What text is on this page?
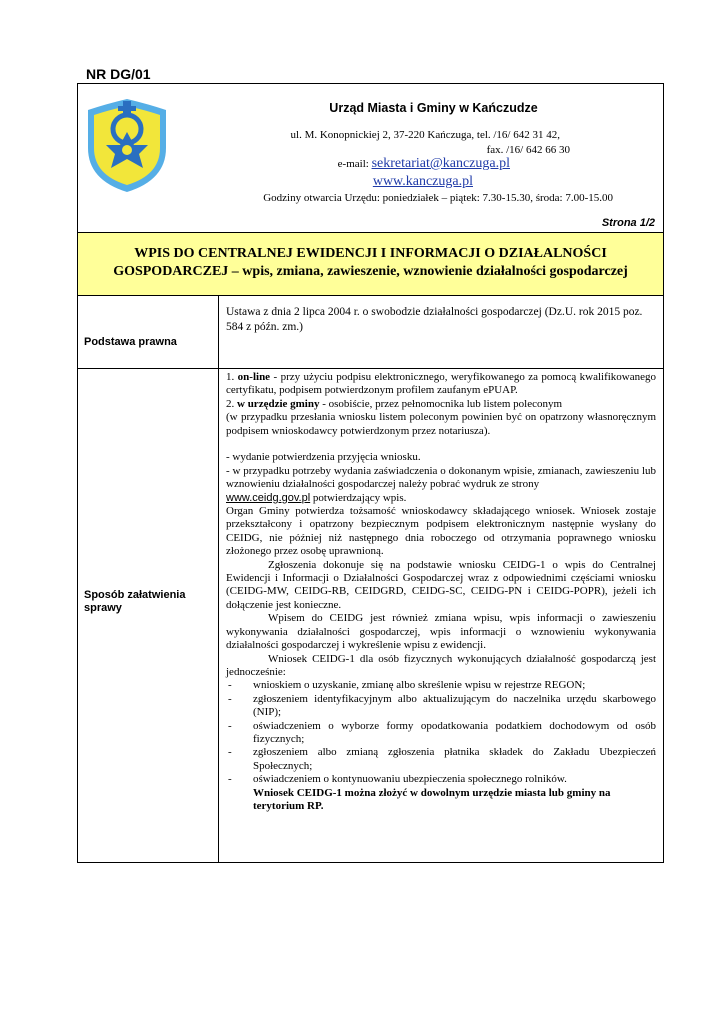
NR DG/01
Urząd Miasta i Gminy w Kańczudze
ul. M. Konopnickiej 2, 37-220 Kańczuga, tel. /16/ 642 31 42,
fax. /16/ 642 66 30
e-mail: sekretariat@kanczuga.pl
www.kanczuga.pl
Godziny otwarcia Urzędu: poniedziałek – piątek: 7.30-15.30, środa: 7.00-15.00
Strona 1/2
WPIS DO CENTRALNEJ EWIDENCJI I INFORMACJI O DZIAŁALNOŚCI
GOSPODARCZEJ – wpis, zmiana, zawieszenie, wznowienie działalności gospodarczej
Podstawa prawna
Ustawa z dnia 2 lipca 2004 r. o swobodzie działalności gospodarczej (Dz.U. rok 2015 poz. 584 z późn. zm.)
Sposób załatwienia
sprawy

1. on-line - przy użyciu podpisu elektronicznego, weryfikowanego za pomocą kwalifikowanego certyfikatu, podpisem potwierdzonym profilem zaufanym ePUAP.

2. w urzędzie gminy - osobiście, przez pełnomocnika lub listem poleconym

(w przypadku przesłania wniosku listem poleconym powinien być on opatrzony własnoręcznym podpisem wnioskodawcy potwierdzonym przez notariusza).

- wydanie potwierdzenia przyjęcia wniosku.

- w przypadku potrzeby wydania zaświadczenia o dokonanym wpisie, zmianach, zawieszeniu lub wznowieniu działalności gospodarczej należy pobrać wydruk ze strony

www.ceidg.gov.pl potwierdzający wpis.

Organ Gminy potwierdza tożsamość wnioskodawcy składającego wniosek. Wniosek zostaje przekształcony i opatrzony bezpiecznym podpisem elektronicznym następnie wysłany do CEIDG, nie później niż następnego dnia roboczego od otrzymania poprawnego wniosku złożonego przez osobę uprawnioną.

Zgłoszenia dokonuje się na podstawie wniosku CEIDG-1 o wpis do Centralnej Ewidencji i Informacji o Działalności Gospodarczej wraz z odpowiednimi częściami wniosku (CEIDG-MW, CEIDG-RB, CEIDGRD, CEIDG-SC, CEIDG-PN i CEIDG-POPR), jeżeli ich dołączenie jest konieczne.

Wpisem do CEIDG jest również zmiana wpisu, wpis informacji o zawieszeniu wykonywania działalności gospodarczej, wpis informacji o wznowieniu wykonywania działalności gospodarczej i wykreślenie wpisu z ewidencji.

Wniosek CEIDG-1 dla osób fizycznych wykonujących działalność gospodarczą jest jednocześnie:

- wnioskiem o uzyskanie, zmianę albo skreślenie wpisu w rejestrze REGON;
- zgłoszeniem identyfikacyjnym albo aktualizującym do naczelnika urzędu skarbowego (NIP);
- oświadczeniem o wyborze formy opodatkowania podatkiem dochodowym od osób fizycznych;
- zgłoszeniem albo zmianą zgłoszenia płatnika składek do Zakładu Ubezpieczeń Społecznych;
- oświadczeniem o kontynuowaniu ubezpieczenia społecznego rolników.

Wniosek CEIDG-1 można złożyć w dowolnym urzędzie miasta lub gminy na terytorium RP.
